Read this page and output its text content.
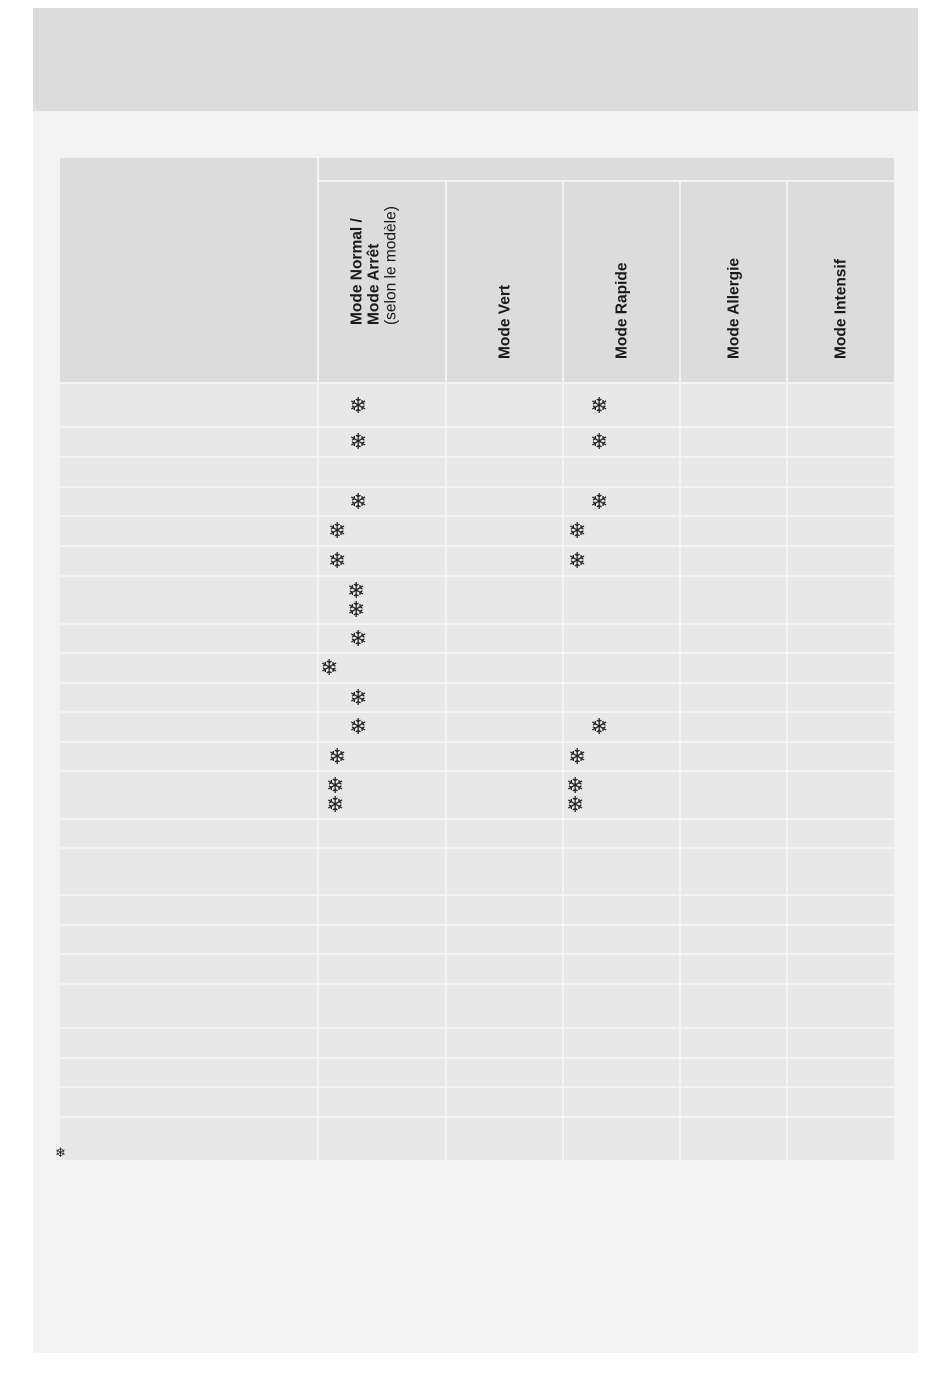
	Mode Normal / Mode Arrêt (selon le modèle)	Mode Vert	Mode Rapide	Mode Allergie	Mode Intensif

	❄		❄		

	❄		❄		

	❄		❄		

	❄		❄		

	❄		❄		

	❄❄				

	❄				

	❄				

	❄				

	❄		❄		

	❄		❄		

	❄❄		❄❄		

❄
